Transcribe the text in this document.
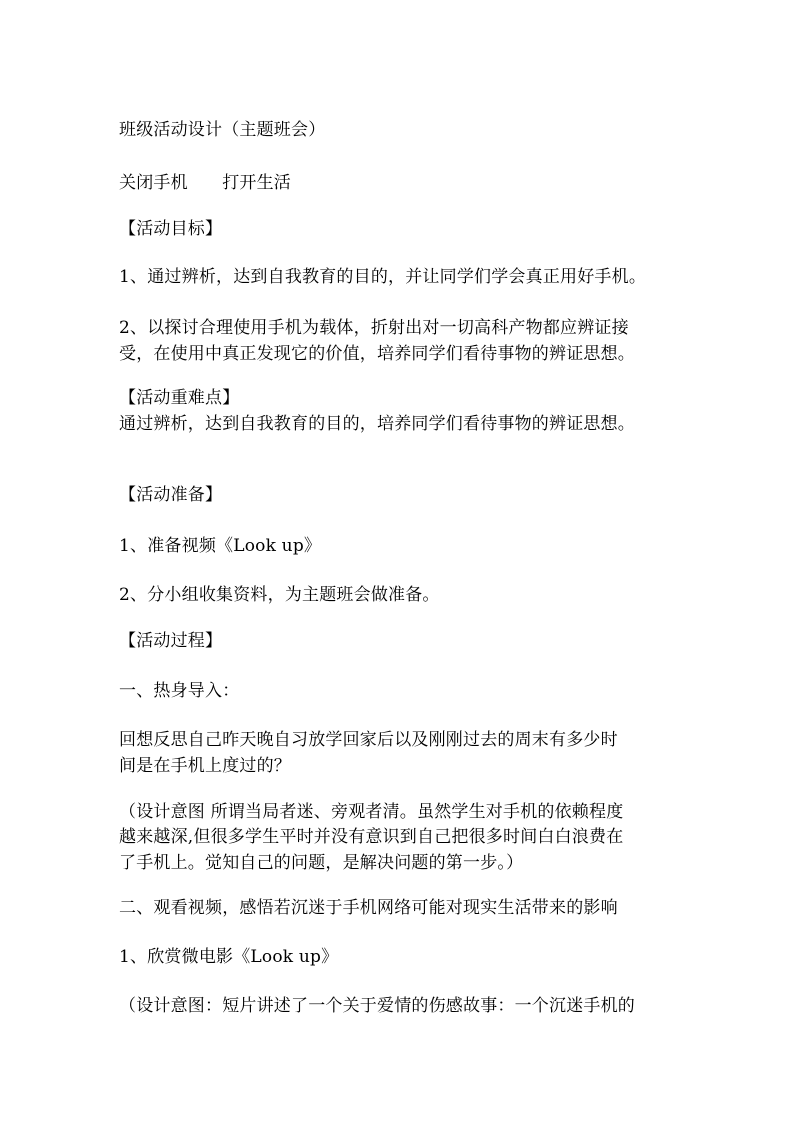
班级活动设计（主题班会）

关闭手机　　打开生活

【活动目标】

1、通过辨析，达到自我教育的目的，并让同学们学会真正用好手机。

2、以探讨合理使用手机为载体，折射出对一切高科产物都应辨证接

受，在使用中真正发现它的价值，培养同学们看待事物的辨证思想。

【活动重难点】

通过辨析，达到自我教育的目的，培养同学们看待事物的辨证思想。

【活动准备】

1、准备视频《Look up》

2、分小组收集资料，为主题班会做准备。

【活动过程】

一、热身导入：

回想反思自己昨天晚自习放学回家后以及刚刚过去的周末有多少时

间是在手机上度过的？

（设计意图 所谓当局者迷、旁观者清。虽然学生对手机的依赖程度

越来越深,但很多学生平时并没有意识到自己把很多时间白白浪费在

了手机上。觉知自己的问题，是解决问题的第一步。）

二、观看视频，感悟若沉迷于手机网络可能对现实生活带来的影响

1、欣赏微电影《Look up》

（设计意图：短片讲述了一个关于爱情的伤感故事：一个沉迷手机的
